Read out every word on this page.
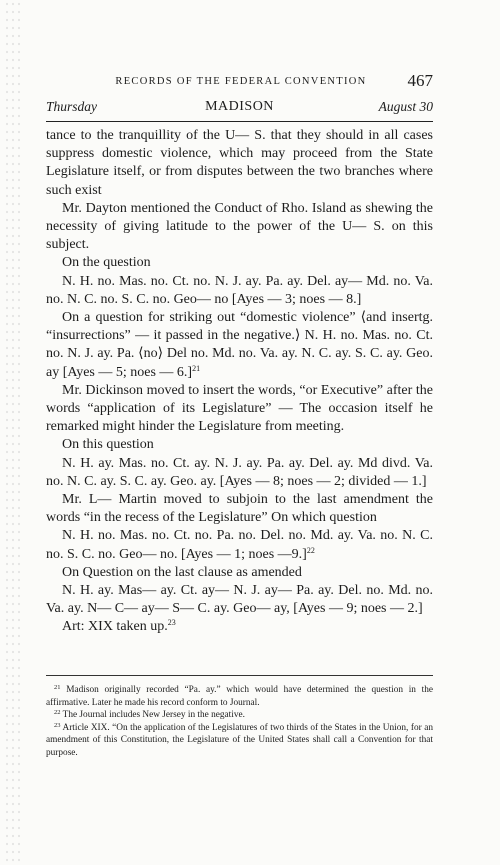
RECORDS OF THE FEDERAL CONVENTION	467
Thursday	MADISON	August 30

tance to the tranquillity of the U— S. that they should in all cases suppress domestic violence, which may proceed from the State Legislature itself, or from disputes between the two branches where such exist

Mr. Dayton mentioned the Conduct of Rho. Island as shewing the necessity of giving latitude to the power of the U— S. on this subject.

On the question

N. H. no. Mas. no. Ct. no. N. J. ay. Pa. ay. Del. ay— Md. no. Va. no. N. C. no. S. C. no. Geo— no [Ayes — 3; noes — 8.]

On a question for striking out “domestic violence” ⟨and insertg. “insurrections” — it passed in the negative.⟩ N. H. no. Mas. no. Ct. no. N. J. ay. Pa. ⟨no⟩ Del no. Md. no. Va. ay. N. C. ay. S. C. ay. Geo. ay [Ayes — 5; noes — 6.]$^{21}$

Mr. Dickinson moved to insert the words, “or Executive” after the words “application of its Legislature” — The occasion itself he remarked might hinder the Legislature from meeting.

On this question

N. H. ay. Mas. no. Ct. ay. N. J. ay. Pa. ay. Del. ay. Md divd. Va. no. N. C. ay. S. C. ay. Geo. ay. [Ayes — 8; noes — 2; divided — 1.]

Mr. L— Martin moved to subjoin to the last amendment the words “in the recess of the Legislature” On which question

N. H. no. Mas. no. Ct. no. Pa. no. Del. no. Md. ay. Va. no. N. C. no. S. C. no. Geo— no. [Ayes — 1; noes —9.]$^{22}$

On Question on the last clause as amended

N. H. ay. Mas— ay. Ct. ay— N. J. ay— Pa. ay. Del. no. Md. no. Va. ay. N— C— ay— S— C. ay. Geo— ay, [Ayes — 9; noes — 2.]

Art: XIX taken up.$^{23}$

$^{21}$ Madison originally recorded “Pa. ay.” which would have determined the question in the affirmative. Later he made his record conform to Journal.

$^{22}$ The Journal includes New Jersey in the negative.

$^{23}$ Article XIX. “On the application of the Legislatures of two thirds of the States in the Union, for an amendment of this Constitution, the Legislature of the United States shall call a Convention for that purpose.
